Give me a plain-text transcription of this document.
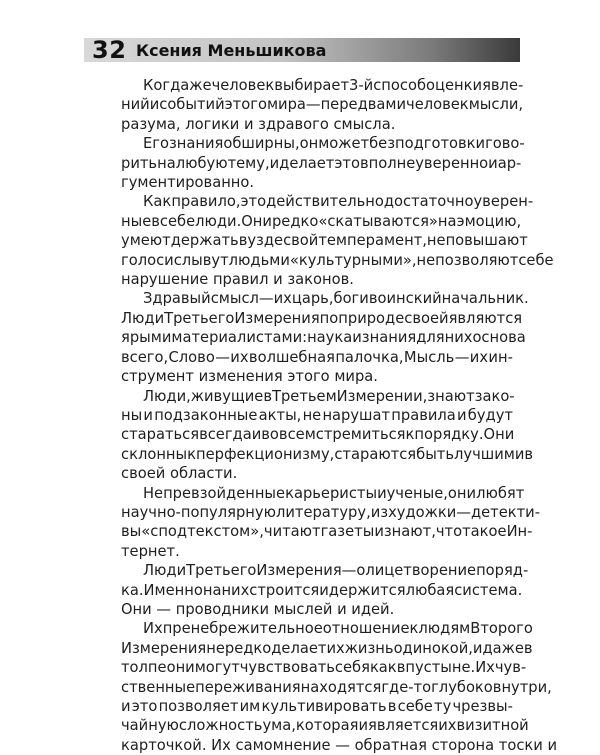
32 Ксения Меньшикова
Когда же человек выбирает 3-й способ оценки явле-
ний и событий этого мира — перед вами человек мысли,
разума, логики и здравого смысла.
Его знания обширны, он может без подготовки гово-
рить на любую тему, и делает это вполне уверенно и ар-
гументированно.
Как правило, это действительно достаточно уверен-
ные в себе люди. Они редко «скатываются» на эмоцию,
умеют держать в узде свой темперамент, не повышают
голос и слывут людьми «культурными», не позволяют себе
нарушение правил и законов.
Здравый смысл — их царь, бог и воинский начальник.
Люди Третьего Измерения по природе своей являются
ярыми материалистами: наука и знания для них основа
всего, Слово — их волшебная палочка, Мысль — их ин-
струмент изменения этого мира.
Люди, живущие в Третьем Измерении, знают зако-
ны и подзаконные акты, не нарушат правила и будут
стараться всегда и во всем стремиться к порядку. Они
склонны к перфекционизму, стараются быть лучшими в
своей области.
Непревзойденные карьеристы и ученые, они любят
научно-популярную литературу, из художки — детекти-
вы «с подтекстом», читают газеты и знают, что такое Ин-
тернет.
Люди Третьего Измерения — олицетворение поряд-
ка. Именно на них строится и держится любая система.
Они — проводники мыслей и идей.
Их пренебрежительное отношение к людям Второго
Измерения нередко делает их жизнь одинокой, и даже в
толпе они могут чувствовать себя как в пустыне. Их чув-
ственные переживания находятся где-то глубоко внутри,
и это позволяет им культивировать в себе ту чрезвы-
чайную сложность ума, которая и является их визитной
карточкой. Их самомнение — обратная сторона тоски и
